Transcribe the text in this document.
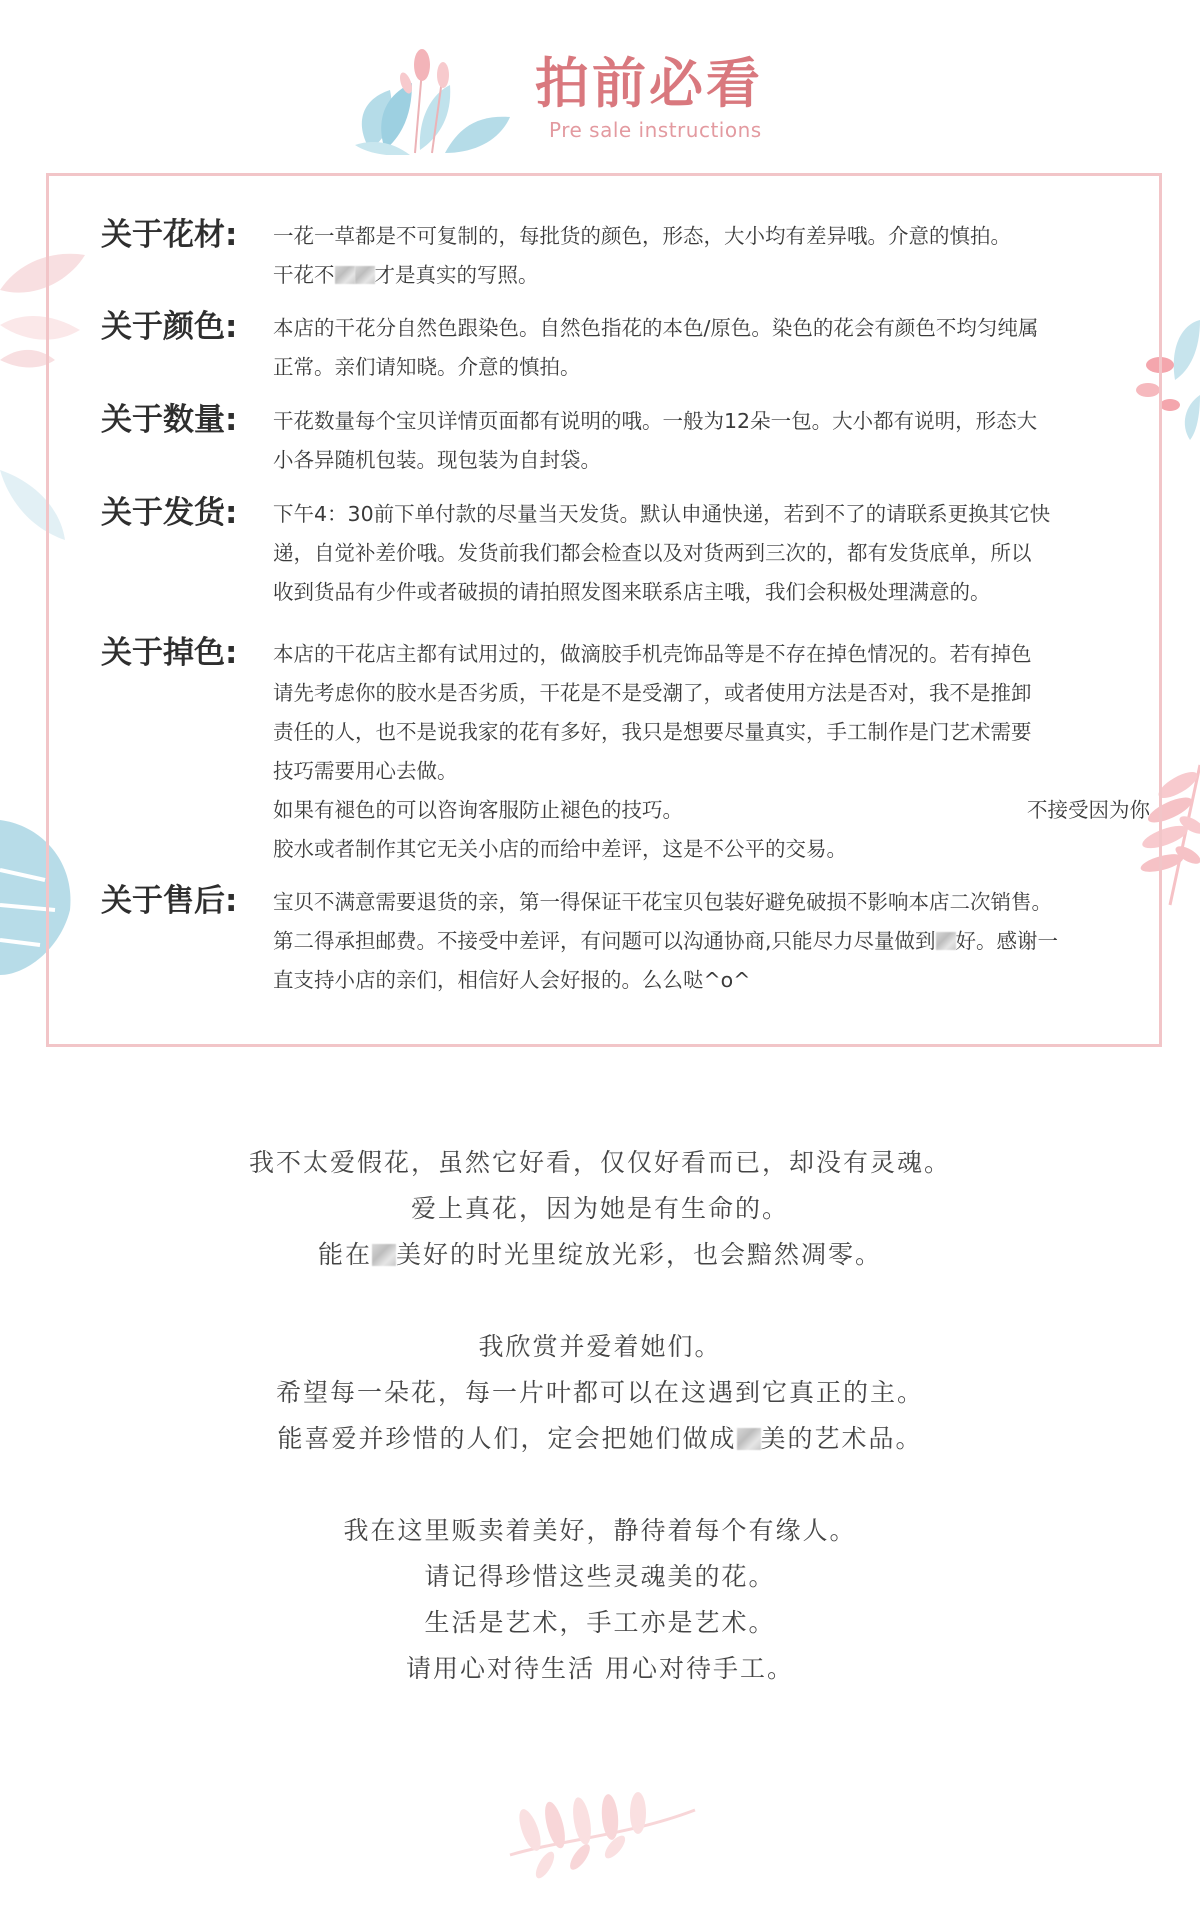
拍前必看
Pre sale instructions
关于花材: 一花一草都是不可复制的，每批货的颜色，形态，大小均有差异哦。介意的慎拍。
干花不 才是真实的写照。
关于颜色: 本店的干花分自然色跟染色。自然色指花的本色/原色。染色的花会有颜色不均匀纯属
正常。亲们请知晓。介意的慎拍。
关于数量: 干花数量每个宝贝详情页面都有说明的哦。一般为12朵一包。大小都有说明，形态大
小各异随机包装。现包装为自封袋。
关于发货: 下午4：30前下单付款的尽量当天发货。默认申通快递，若到不了的请联系更换其它快
递，自觉补差价哦。发货前我们都会检查以及对货两到三次的，都有发货底单，所以
收到货品有少件或者破损的请拍照发图来联系店主哦，我们会积极处理满意的。
关于掉色: 本店的干花店主都有试用过的，做滴胶手机壳饰品等是不存在掉色情况的。若有掉色
请先考虑你的胶水是否劣质，干花是不是受潮了，或者使用方法是否对，我不是推卸
责任的人，也不是说我家的花有多好，我只是想要尽量真实，手工制作是门艺术需要
技巧需要用心去做。
如果有褪色的可以咨询客服防止褪色的技巧。	不接受因为你
胶水或者制作其它无关小店的而给中差评，这是不公平的交易。
关于售后: 宝贝不满意需要退货的亲，第一得保证干花宝贝包装好避免破损不影响本店二次销售。
第二得承担邮费。不接受中差评，有问题可以沟通协商,只能尽力尽量做到 好。感谢一
直支持小店的亲们，相信好人会好报的。么么哒^o^
我不太爱假花，虽然它好看，仅仅好看而已，却没有灵魂。
爱上真花，因为她是有生命的。
能在 美好的时光里绽放光彩，也会黯然凋零。
我欣赏并爱着她们。
希望每一朵花，每一片叶都可以在这遇到它真正的主。
能喜爱并珍惜的人们，定会把她们做成 美的艺术品。
我在这里贩卖着美好，静待着每个有缘人。
请记得珍惜这些灵魂美的花。
生活是艺术，手工亦是艺术。
请用心对待生活 用心对待手工。
